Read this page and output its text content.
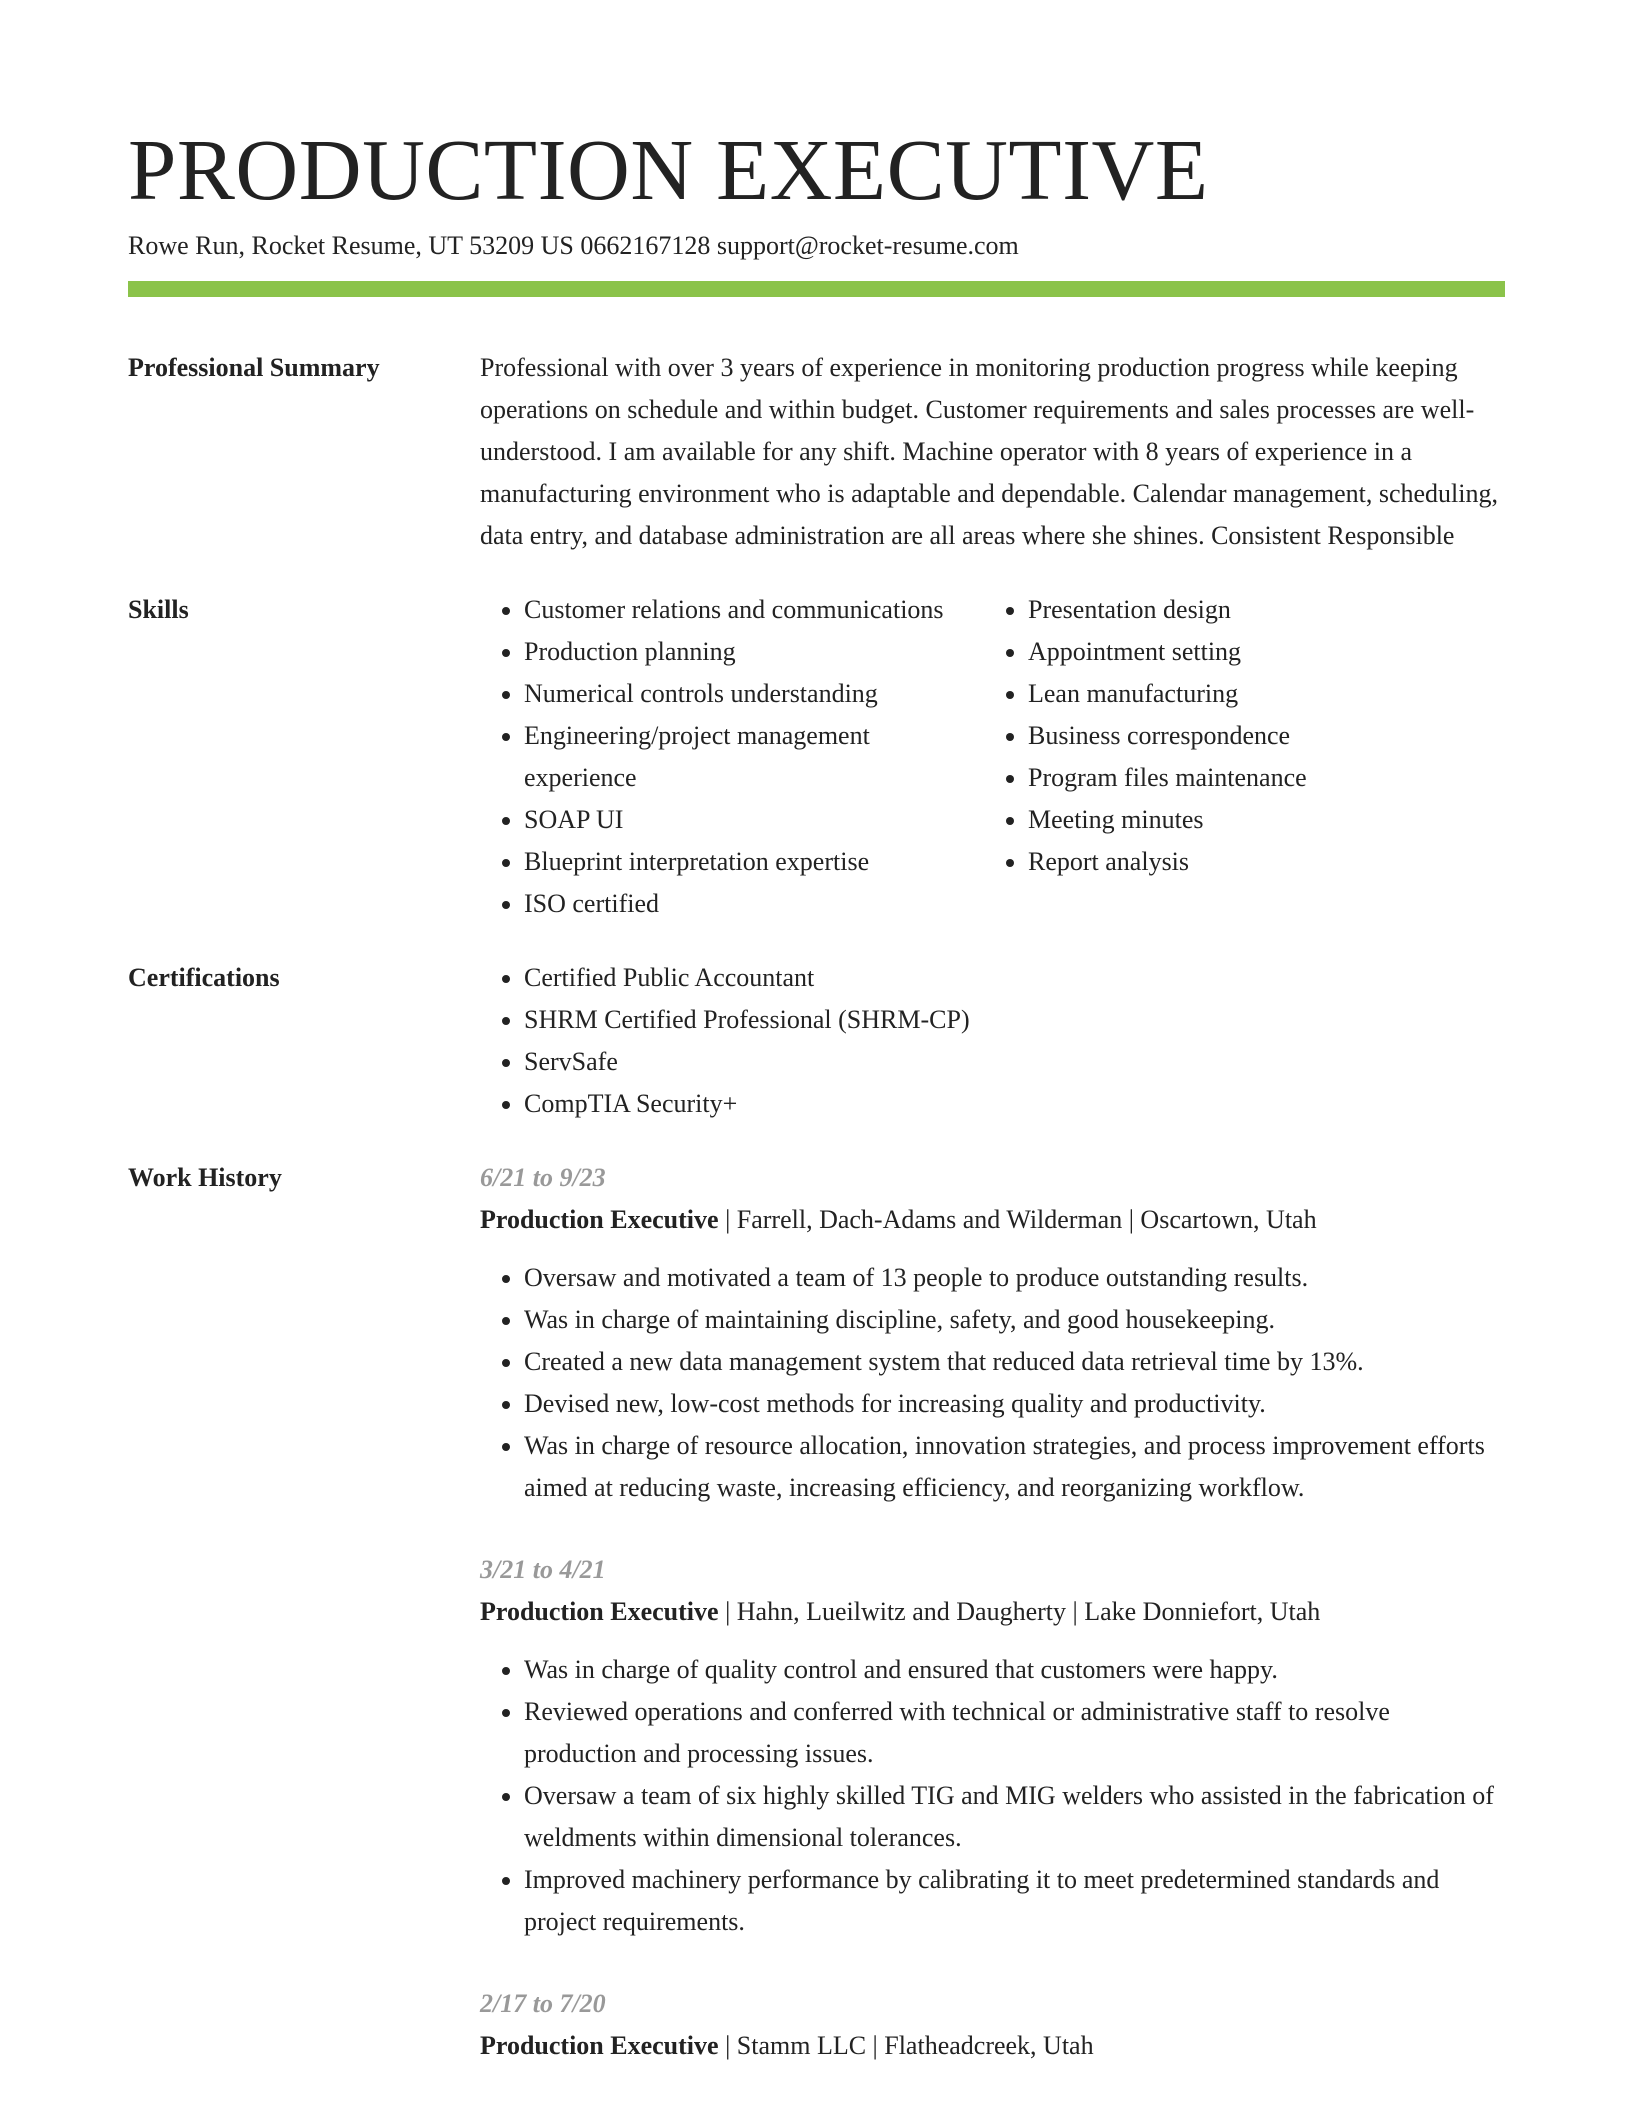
PRODUCTION EXECUTIVE
Rowe Run, Rocket Resume, UT 53209 US 0662167128 support@rocket-resume.com
Professional Summary	Professional with over 3 years of experience in monitoring production progress while keeping operations on schedule and within budget. Customer requirements and sales processes are well-understood. I am available for any shift. Machine operator with 8 years of experience in a manufacturing environment who is adaptable and dependable. Calendar management, scheduling, data entry, and database administration are all areas where she shines. Consistent Responsible

Skills	• Customer relations and communications
• Production planning
• Numerical controls understanding
• Engineering/project management experience
• SOAP UI
• Blueprint interpretation expertise
• ISO certified
• Presentation design
• Appointment setting
• Lean manufacturing
• Business correspondence
• Program files maintenance
• Meeting minutes
• Report analysis
Certifications	• Certified Public Accountant
• SHRM Certified Professional (SHRM-CP)
• ServSafe
• CompTIA Security+
Work History	6/21 to 9/23
Production Executive | Farrell, Dach-Adams and Wilderman | Oscartown, Utah
• Oversaw and motivated a team of 13 people to produce outstanding results.
• Was in charge of maintaining discipline, safety, and good housekeeping.
• Created a new data management system that reduced data retrieval time by 13%.
• Devised new, low-cost methods for increasing quality and productivity.
• Was in charge of resource allocation, innovation strategies, and process improvement efforts aimed at reducing waste, increasing efficiency, and reorganizing workflow.
3/21 to 4/21
Production Executive | Hahn, Lueilwitz and Daugherty | Lake Donniefort, Utah
• Was in charge of quality control and ensured that customers were happy.
• Reviewed operations and conferred with technical or administrative staff to resolve production and processing issues.
• Oversaw a team of six highly skilled TIG and MIG welders who assisted in the fabrication of weldments within dimensional tolerances.
• Improved machinery performance by calibrating it to meet predetermined standards and project requirements.
2/17 to 7/20
Production Executive | Stamm LLC | Flatheadcreek, Utah
